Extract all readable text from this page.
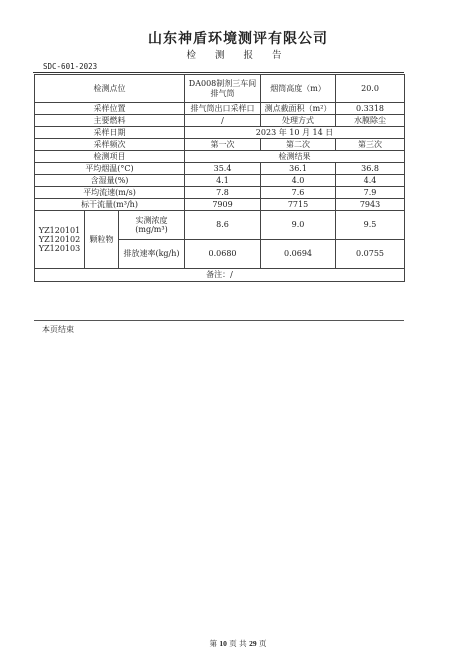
山东神盾环境测评有限公司
检 测 报 告
SDC-601-2023
检测点位			DA008制剂三车间排气筒	烟筒高度（m）	20.0
采样位置			排气筒出口采样口	测点截面积（m²）	0.3318
主要燃料			/	处理方式	水膜除尘
采样日期			2023 年 10 月 14 日		
采样频次			第一次	第二次	第三次
检测项目			检测结果		
平均烟温(°C)			35.4	36.1	36.8
含湿量(%)			4.1	4.0	4.4
平均流速(m/s)			7.8	7.6	7.9
标干流量(m³/h)			7909	7715	7943

YZ120101
YZ120102
YZ120103	颗粒物	实测浓度(mg/m³)	8.6	9.0	9.5
		排放速率(kg/h)	0.0680	0.0694	0.0755
备注：/					
本页结束
第 10 页 共 29 页
